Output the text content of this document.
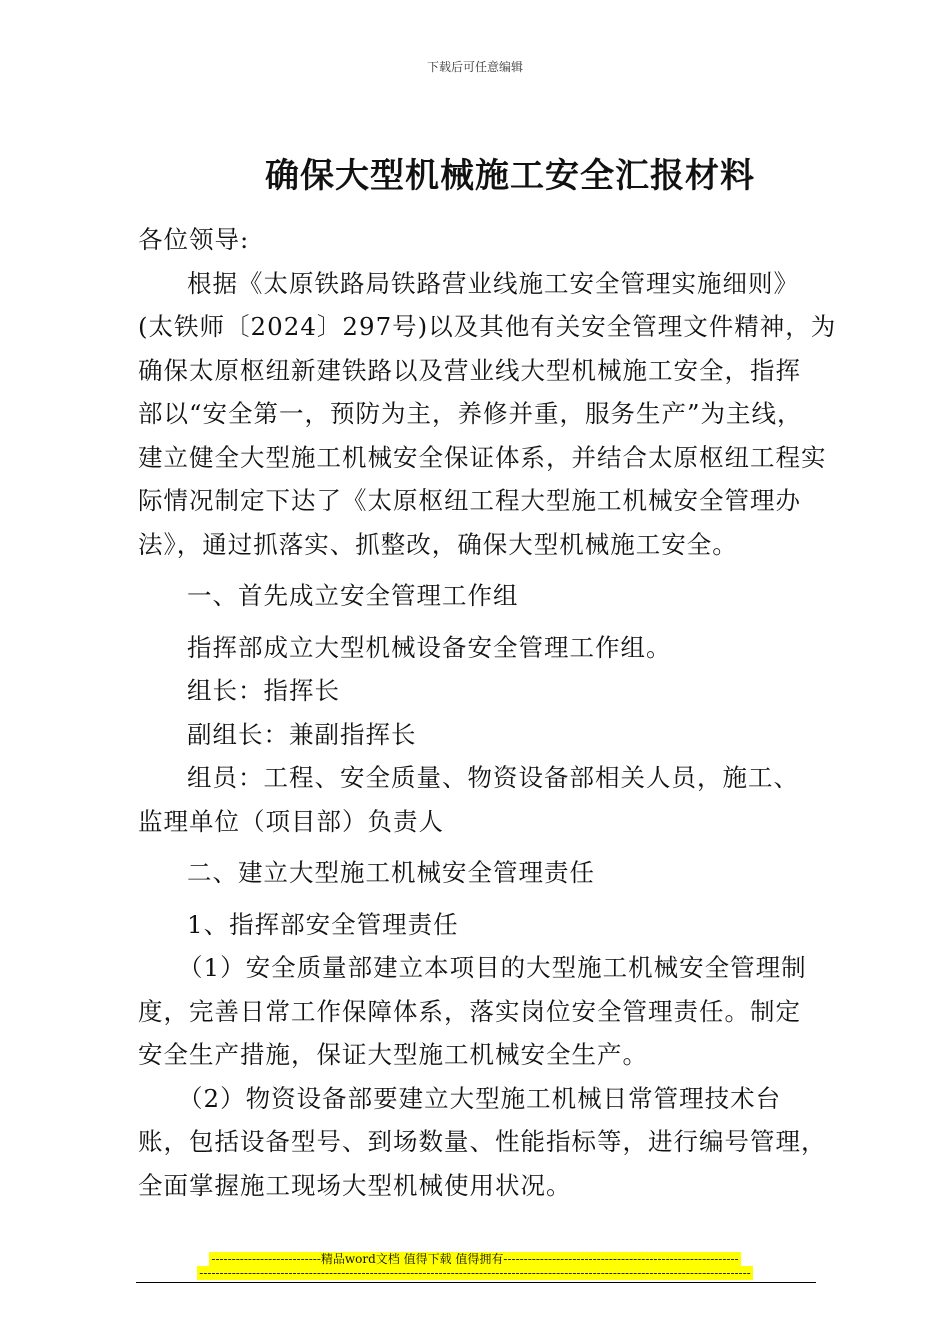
下载后可任意编辑
确保大型机械施工安全汇报材料
各位领导:
根据《太原铁路局铁路营业线施工安全管理实施细则》
(太铁师〔2024〕297号)以及其他有关安全管理文件精神，为
确保太原枢纽新建铁路以及营业线大型机械施工安全，指挥
部以“安全第一，预防为主，养修并重，服务生产”为主线，
建立健全大型施工机械安全保证体系，并结合太原枢纽工程实
际情况制定下达了《太原枢纽工程大型施工机械安全管理办
法》，通过抓落实、抓整改，确保大型机械施工安全。
一、首先成立安全管理工作组
指挥部成立大型机械设备安全管理工作组。
组长：指挥长
副组长：兼副指挥长
组员：工程、安全质量、物资设备部相关人员，施工、
监理单位（项目部）负责人
二、建立大型施工机械安全管理责任
1、指挥部安全管理责任
（1）安全质量部建立本项目的大型施工机械安全管理制
度，完善日常工作保障体系，落实岗位安全管理责任。制定
安全生产措施，保证大型施工机械安全生产。
（2）物资设备部要建立大型施工机械日常管理技术台
账，包括设备型号、到场数量、性能指标等，进行编号管理，
全面掌握施工现场大型机械使用状况。
---------------------------精品word文档 值得下载 值得拥有----------------------------------------------------------
----------------------------------------------------------------------------------------------------------------------------------------
